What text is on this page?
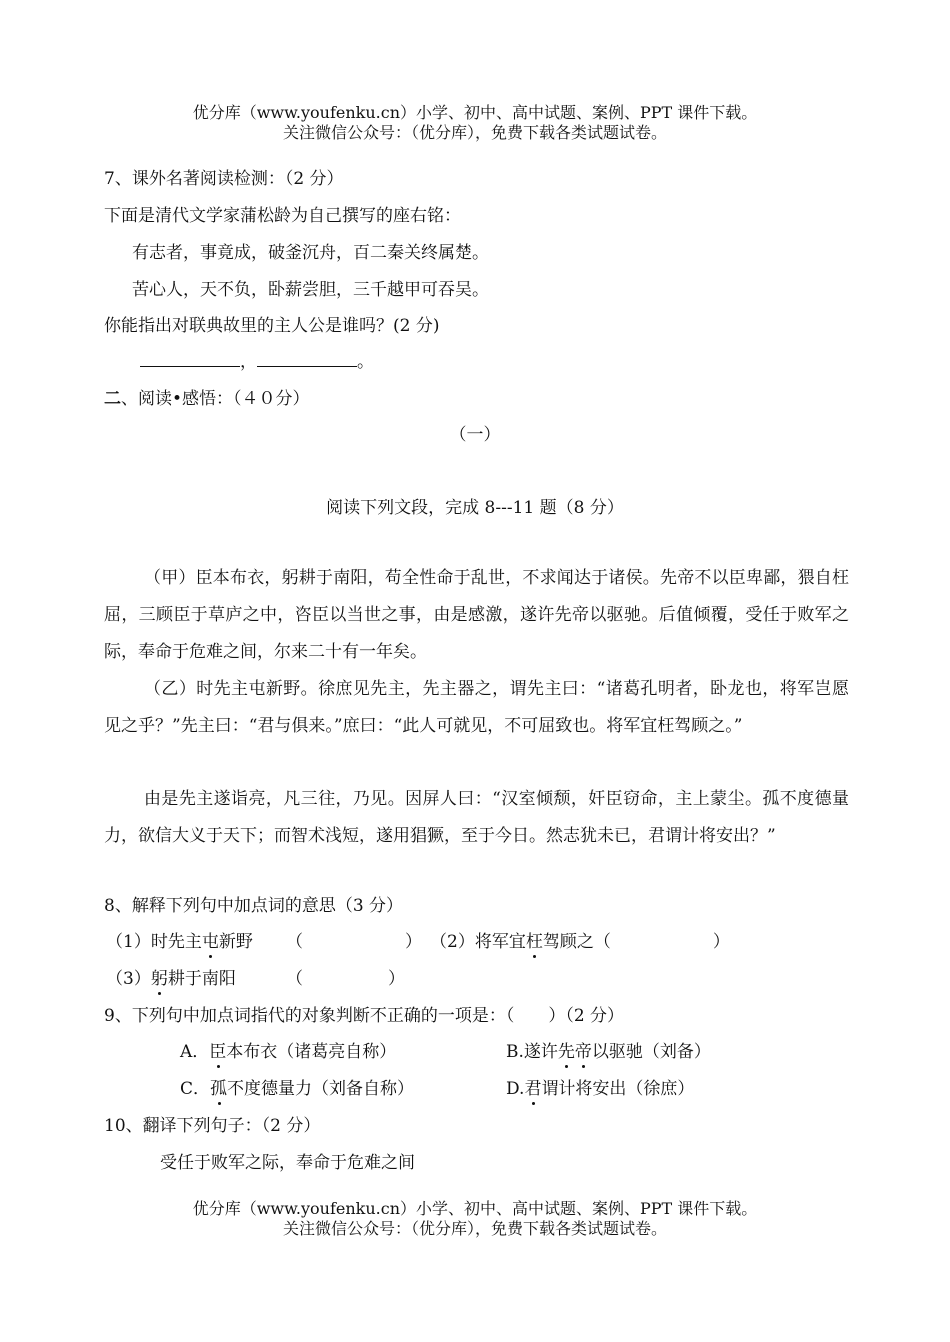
优分库（www.youfenku.cn）小学、初中、高中试题、案例、PPT 课件下载。
关注微信公众号：（优分库），免费下载各类试题试卷。
7、课外名著阅读检测：（2 分）
下面是清代文学家蒲松龄为自己撰写的座右铭：
有志者，事竟成，破釜沉舟，百二秦关终属楚。
苦心人，天不负，卧薪尝胆，三千越甲可吞吴。
你能指出对联典故里的主人公是谁吗？(2 分)
，	。
二、阅读•感悟：（４０分）
（一）
阅读下列文段，完成 8---11 题（8 分）
（甲）臣本布衣，躬耕于南阳，苟全性命于乱世，不求闻达于诸侯。先帝不以臣卑鄙，猥自枉屈，三顾臣于草庐之中，咨臣以当世之事，由是感激，遂许先帝以驱驰。后值倾覆，受任于败军之际，奉命于危难之间，尔来二十有一年矣。
（乙）时先主屯新野。徐庶见先主，先主器之，谓先主曰：“诸葛孔明者，卧龙也，将军岂愿见之乎？”先主曰：“君与俱来。”庶曰：“此人可就见，不可屈致也。将军宜枉驾顾之。”
由是先主遂诣亮，凡三往，乃见。因屏人曰：“汉室倾颓，奸臣窃命，主上蒙尘。孤不度德量力，欲信大义于天下；而智术浅短，遂用猖獗，至于今日。然志犹未已，君谓计将安出？”
8、解释下列句中加点词的意思（3 分）
（1）时先主屯新野 （　　　　　　） （2）将军宜枉驾顾之（　　　　　　）
（3）躬耕于南阳	（　　　　　）
9、下列句中加点词指代的对象判断不正确的一项是：（　　）（2 分）
A．臣本布衣（诸葛亮自称）	B.遂许先帝以驱驰（刘备）
C．孤不度德量力（刘备自称）	D.君谓计将安出（徐庶）
10、翻译下列句子：（2 分）
受任于败军之际，奉命于危难之间
优分库（www.youfenku.cn）小学、初中、高中试题、案例、PPT 课件下载。
关注微信公众号：（优分库），免费下载各类试题试卷。
